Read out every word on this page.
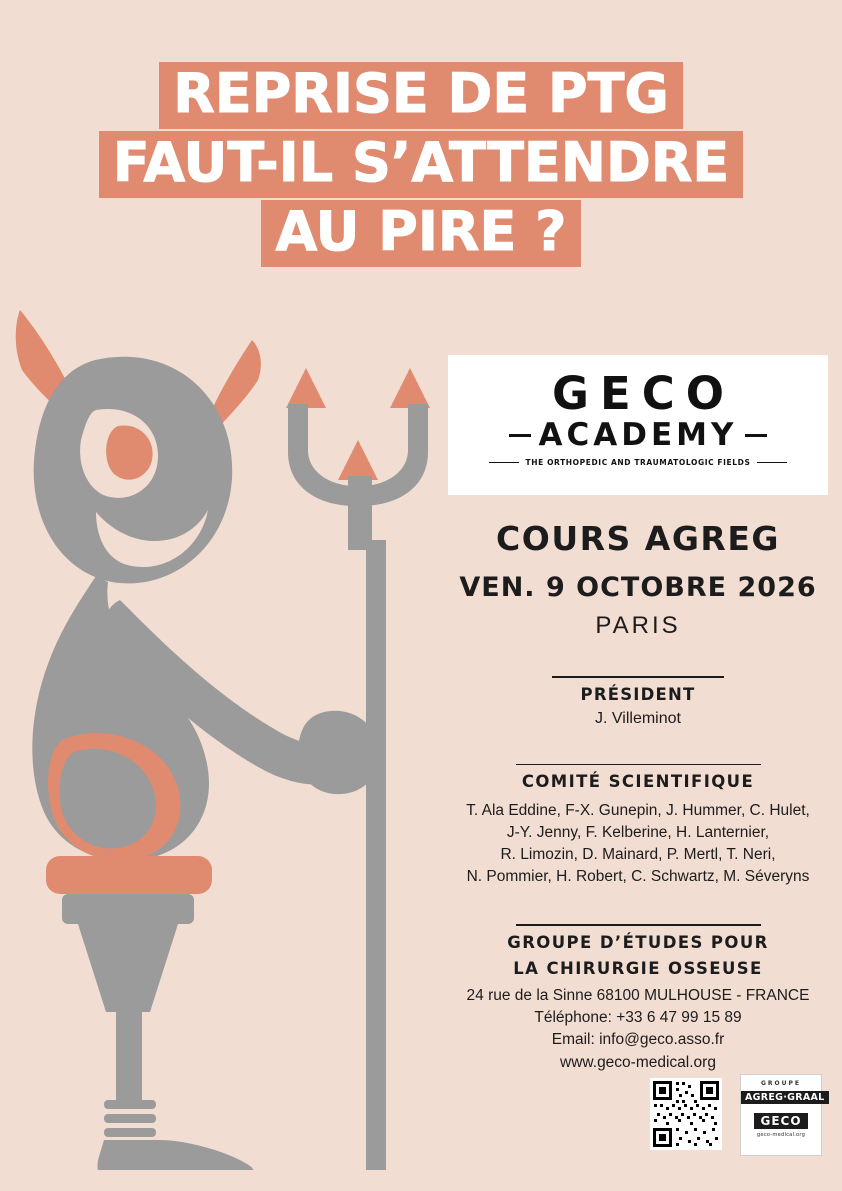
REPRISE DE PTG
FAUT-IL S’ATTENDRE
AU PIRE ?
GECO
ACADEMY
THE ORTHOPEDIC AND TRAUMATOLOGIC FIELDS
COURS AGREG
VEN. 9 OCTOBRE 2026
PARIS
PRÉSIDENT
J. Villeminot
COMITÉ SCIENTIFIQUE
T. Ala Eddine, F-X. Gunepin, J. Hummer, C. Hulet,
J-Y. Jenny, F. Kelberine, H. Lanternier,
R. Limozin, D. Mainard, P. Mertl, T. Neri,
N. Pommier, H. Robert, C. Schwartz, M. Séveryns
GROUPE D’ÉTUDES POUR
LA CHIRURGIE OSSEUSE
24 rue de la Sinne 68100 MULHOUSE - FRANCE
Téléphone: +33 6 47 99 15 89
Email: info@geco.asso.fr
www.geco-medical.org
GROUPE
AGREG·GRAAL GECO
geco-medical.org
